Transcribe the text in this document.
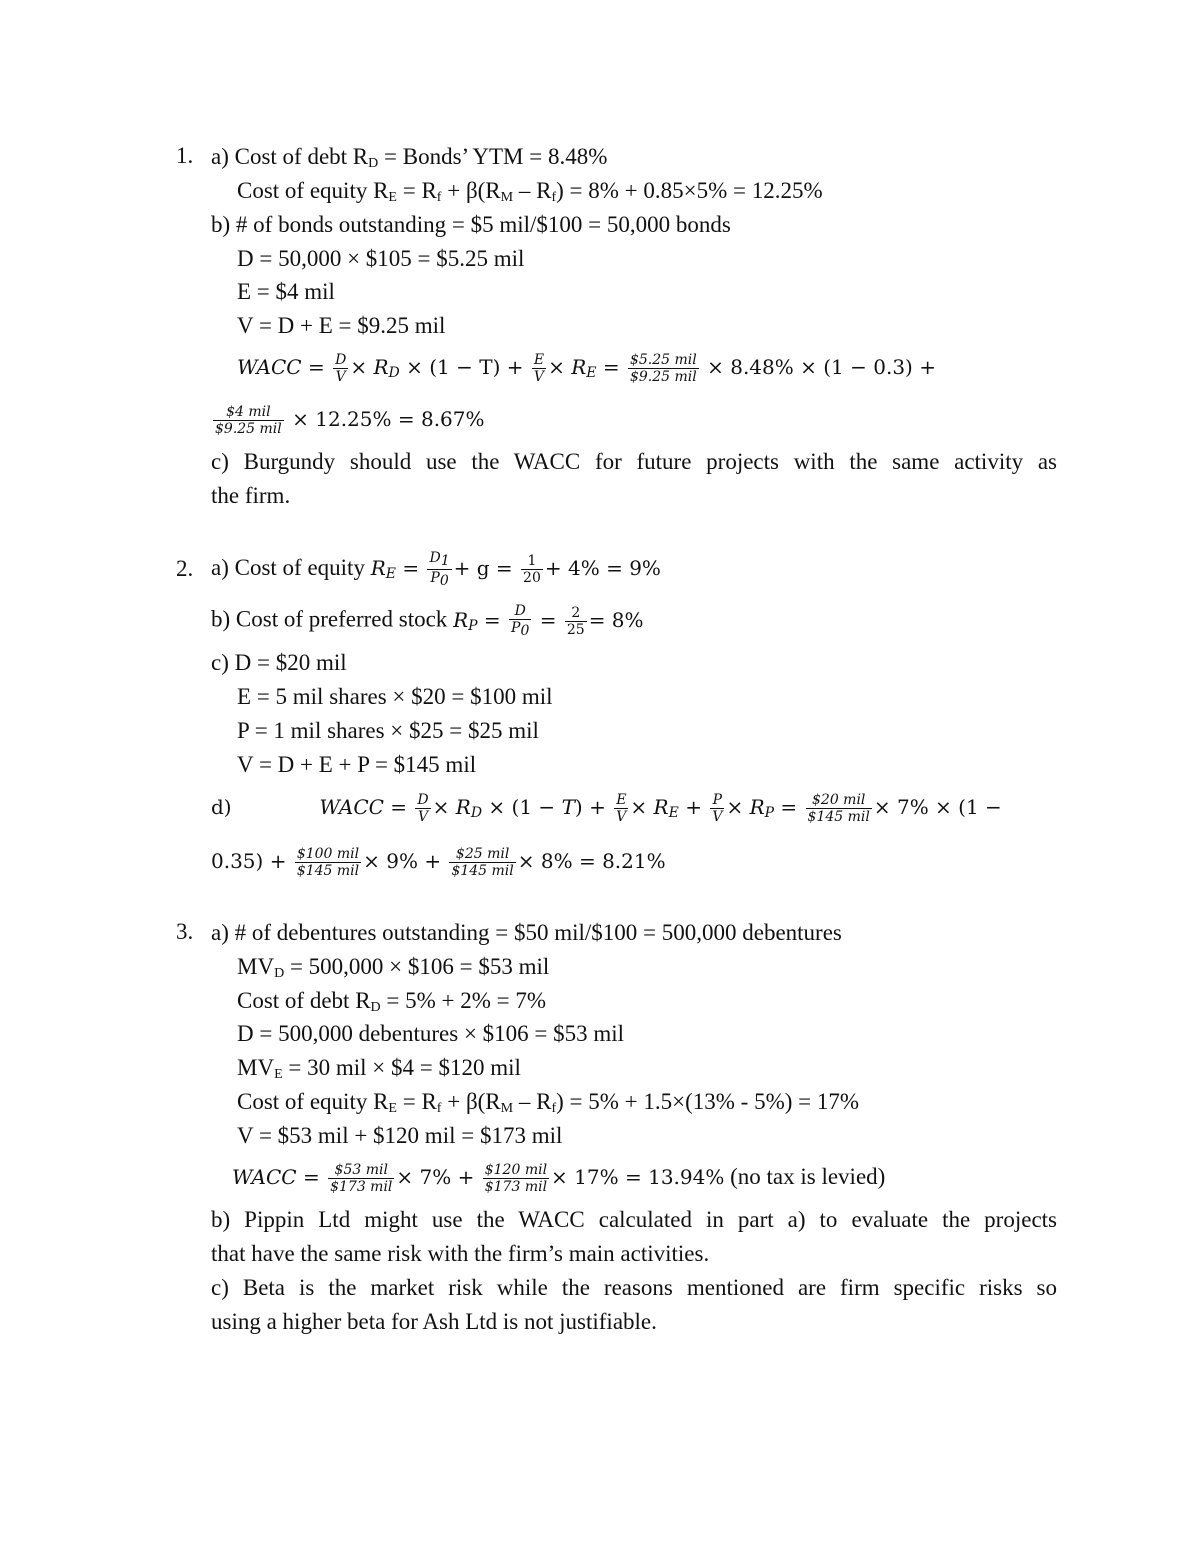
1. a) Cost of debt $R_D$ = Bonds’ YTM = 8.48%
Cost of equity $R_E = R_f + \beta(R_M - R_f) = 8\% + 0.85\times 5\% = 12.25\%$
b) # of bonds outstanding = $5 mil/$100 = 50,000 bonds
D = 50,000 × $105 = $5.25 mil
E = $4 mil
V = D + E = $9.25 mil
WACC = $\frac{D}{V} \times R_D \times (1 - T) + \frac{E}{V} \times R_E = \frac{\text{\$5.25 mil}}{\text{\$9.25 mil}} \times 8.48\% \times (1 - 0.3)$ +
$\frac{\text{\$4 mil}}{\text{\$9.25 mil}} \times 12.25\% = 8.67\%$
c) Burgundy should use the WACC for future projects with the same activity as
the firm.
2. a) Cost of equity $R_E = \frac{D_1}{P_0} + g = \frac{1}{20} + 4\% = 9\%$
b) Cost of preferred stock $R_P = \frac{D}{P_0} = \frac{2}{25} = 8\%$
c) D = $20 mil
E = 5 mil shares × $20 = $100 mil
P = 1 mil shares × $25 = $25 mil
V = D + E + P = $145 mil
d)	WACC = $\frac{D}{V} \times R_D \times (1 - T) + \frac{E}{V} \times R_E + \frac{P}{V} \times R_P = \frac{\text{\$20 mil}}{\text{\$145 mil}} \times 7\% \times (1$ −
$0.35) + \frac{\text{\$100 mil}}{\text{\$145 mil}} \times 9\% + \frac{\text{\$25 mil}}{\text{\$145 mil}} \times 8\% = 8.21\%$
3. a) # of debentures outstanding = $50 mil/$100 = 500,000 debentures
$MV_D = 500,000$ × $106 = $53 mil
Cost of debt $R_D = 5\% + 2\% = 7\%$
D = 500,000 debentures × $106 = $53 mil
$MV_E = 30$ mil × $4 = $120 mil
Cost of equity $R_E = R_f + \beta(R_M - R_f) = 5\% + 1.5\times(13\% - 5\%) = 17\%$
V = $53 mil + $120 mil = $173 mil
WACC = $\frac{\text{\$53 mil}}{\text{\$173 mil}} \times 7\% + \frac{\text{\$120 mil}}{\text{\$173 mil}} \times 17\% = 13.94\%$ (no tax is levied)
b) Pippin Ltd might use the WACC calculated in part a) to evaluate the projects
that have the same risk with the firm’s main activities.
c) Beta is the market risk while the reasons mentioned are firm specific risks so
using a higher beta for Ash Ltd is not justifiable.
